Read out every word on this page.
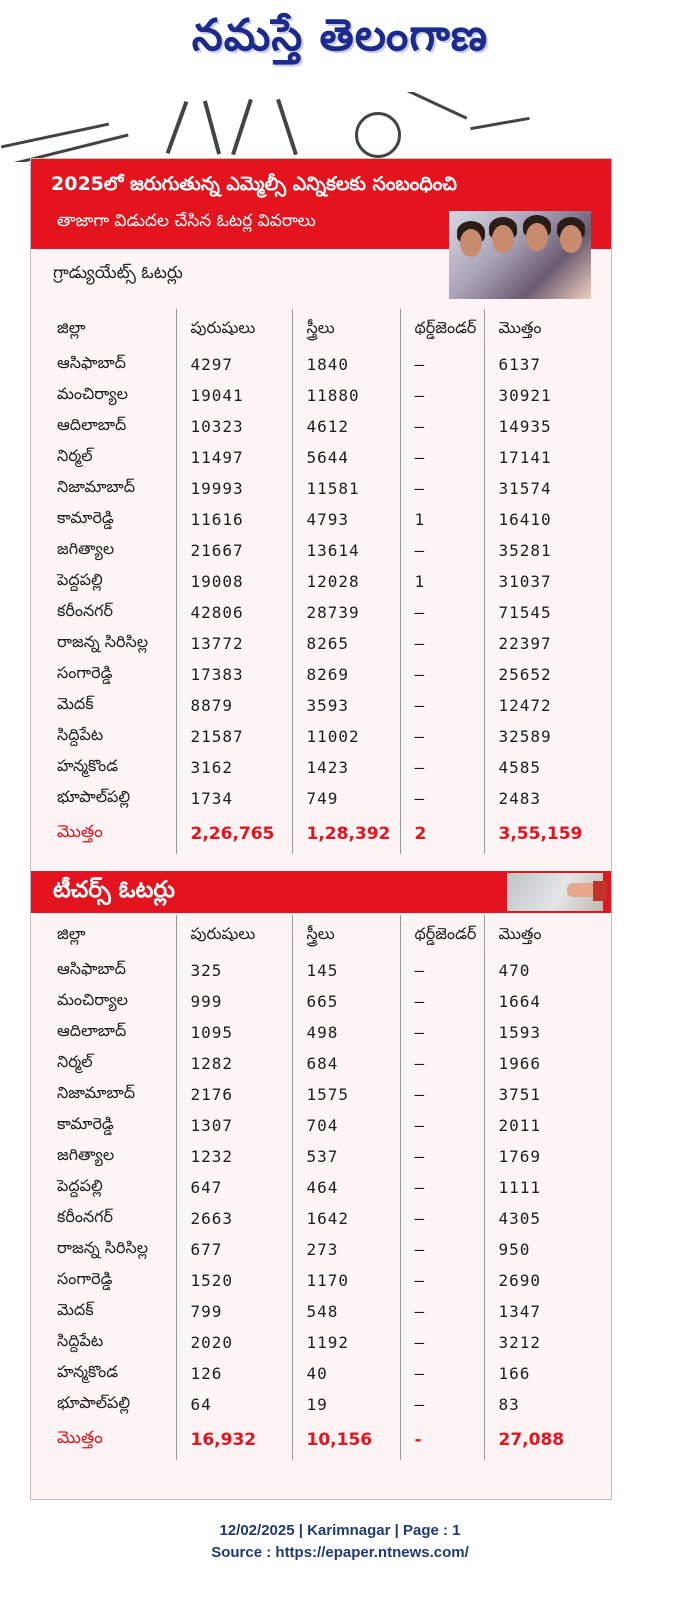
నమస్తే తెలంగాణ
2025లో జరుగుతున్న ఎమ్మెల్సీ ఎన్నికలకు సంబంధించి
తాజాగా విడుదల చేసిన ఓటర్ల వివరాలు
గ్రాడ్యుయేట్స్ ఓటర్లు
జిల్లా	పురుషులు	స్త్రీలు	థర్డ్‌జెండర్	మొత్తం
ఆసిఫాబాద్	4297	1840	–	6137
మంచిర్యాల	19041	11880	–	30921
ఆదిలాబాద్	10323	4612	–	14935
నిర్మల్	11497	5644	–	17141
నిజామాబాద్	19993	11581	–	31574
కామారెడ్డి	11616	4793	1	16410
జగిత్యాల	21667	13614	–	35281
పెద్దపల్లి	19008	12028	1	31037
కరీంనగర్	42806	28739	–	71545
రాజన్న సిరిసిల్ల	13772	8265	–	22397
సంగారెడ్డి	17383	8269	–	25652
మెదక్	8879	3593	–	12472
సిద్దిపేట	21587	11002	–	32589
హన్మకొండ	3162	1423	–	4585
భూపాల్‌పల్లి	1734	749	–	2483
మొత్తం	2,26,765	1,28,392	2	3,55,159
టీచర్స్ ఓటర్లు
జిల్లా	పురుషులు	స్త్రీలు	థర్డ్‌జెండర్	మొత్తం
ఆసిఫాబాద్	325	145	–	470
మంచిర్యాల	999	665	–	1664
ఆదిలాబాద్	1095	498	–	1593
నిర్మల్	1282	684	–	1966
నిజామాబాద్	2176	1575	–	3751
కామారెడ్డి	1307	704	–	2011
జగిత్యాల	1232	537	–	1769
పెద్దపల్లి	647	464	–	1111
కరీంనగర్	2663	1642	–	4305
రాజన్న సిరిసిల్ల	677	273	–	950
సంగారెడ్డి	1520	1170	–	2690
మెదక్	799	548	–	1347
సిద్దిపేట	2020	1192	–	3212
హన్మకొండ	126	40	–	166
భూపాల్‌పల్లి	64	19	–	83
మొత్తం	16,932	10,156	-	27,088
12/02/2025 | Karimnagar | Page : 1
Source : https://epaper.ntnews.com/
